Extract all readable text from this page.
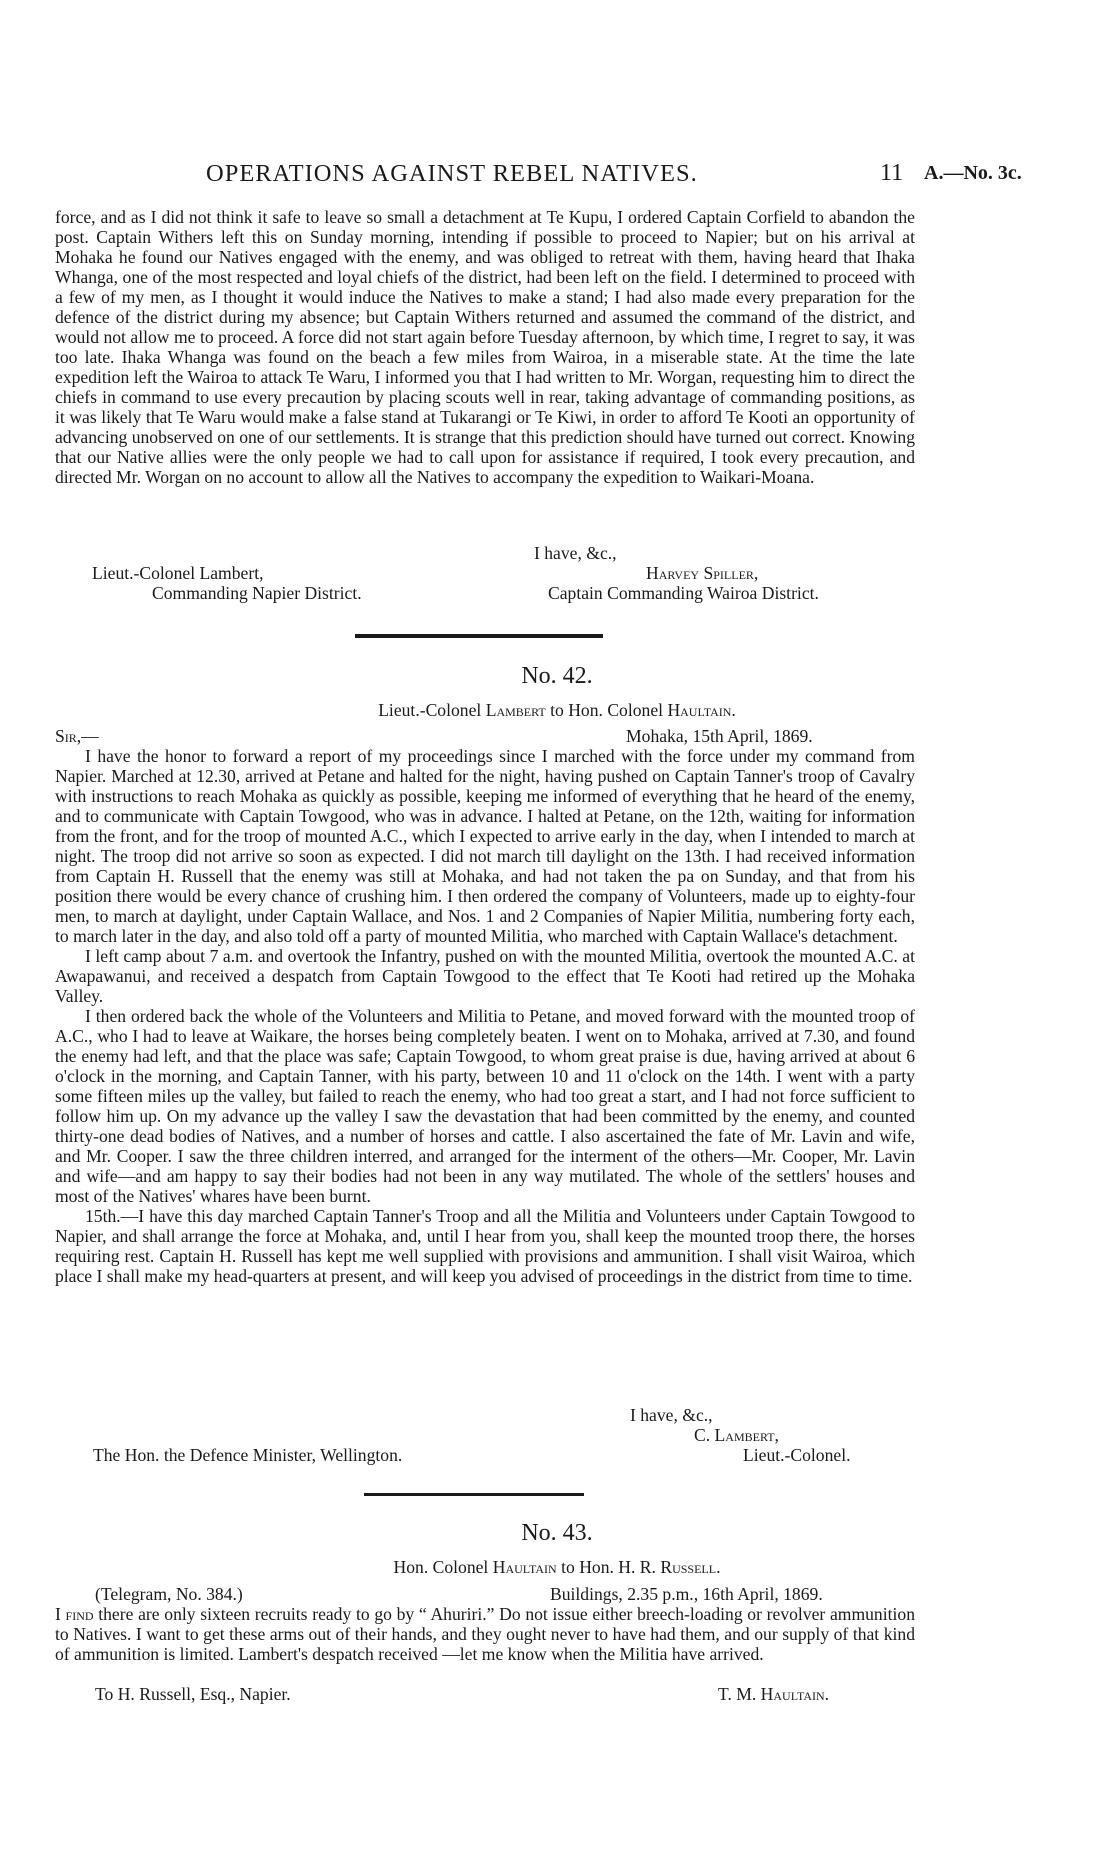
OPERATIONS AGAINST REBEL NATIVES.	11 A.—No. 3c.

force, and as I did not think it safe to leave so small a detachment at Te Kupu, I ordered Captain Corfield to abandon the post. Captain Withers left this on Sunday morning, intending if possible to proceed to Napier; but on his arrival at Mohaka he found our Natives engaged with the enemy, and was obliged to retreat with them, having heard that Ihaka Whanga, one of the most respected and loyal chiefs of the district, had been left on the field. I determined to proceed with a few of my men, as I thought it would induce the Natives to make a stand; I had also made every preparation for the defence of the district during my absence; but Captain Withers returned and assumed the command of the district, and would not allow me to proceed. A force did not start again before Tuesday afternoon, by which time, I regret to say, it was too late. Ihaka Whanga was found on the beach a few miles from Wairoa, in a miserable state. At the time the late expedition left the Wairoa to attack Te Waru, I informed you that I had written to Mr. Worgan, requesting him to direct the chiefs in command to use every precaution by placing scouts well in rear, taking advantage of commanding positions, as it was likely that Te Waru would make a false stand at Tukarangi or Te Kiwi, in order to afford Te Kooti an opportunity of advancing unobserved on one of our settlements. It is strange that this prediction should have turned out correct. Knowing that our Native allies were the only people we had to call upon for assistance if required, I took every precaution, and directed Mr. Worgan on no account to allow all the Natives to accompany the expedition to Waikari-Moana.

I have, &c.,
Lieut.-Colonel Lambert,	Harvey Spiller,
Commanding Napier District.	Captain Commanding Wairoa District.
No. 42.
Lieut.-Colonel Lambert to Hon. Colonel Haultain.
Sir,—	Mohaka, 15th April, 1869.

I have the honor to forward a report of my proceedings since I marched with the force under my command from Napier. Marched at 12.30, arrived at Petane and halted for the night, having pushed on Captain Tanner's troop of Cavalry with instructions to reach Mohaka as quickly as possible, keeping me informed of everything that he heard of the enemy, and to communicate with Captain Towgood, who was in advance. I halted at Petane, on the 12th, waiting for information from the front, and for the troop of mounted A.C., which I expected to arrive early in the day, when I intended to march at night. The troop did not arrive so soon as expected. I did not march till daylight on the 13th. I had received information from Captain H. Russell that the enemy was still at Mohaka, and had not taken the pa on Sunday, and that from his position there would be every chance of crushing him. I then ordered the company of Volunteers, made up to eighty-four men, to march at daylight, under Captain Wallace, and Nos. 1 and 2 Companies of Napier Militia, numbering forty each, to march later in the day, and also told off a party of mounted Militia, who marched with Captain Wallace's detachment.

I left camp about 7 a.m. and overtook the Infantry, pushed on with the mounted Militia, overtook the mounted A.C. at Awapawanui, and received a despatch from Captain Towgood to the effect that Te Kooti had retired up the Mohaka Valley.

I then ordered back the whole of the Volunteers and Militia to Petane, and moved forward with the mounted troop of A.C., who I had to leave at Waikare, the horses being completely beaten. I went on to Mohaka, arrived at 7.30, and found the enemy had left, and that the place was safe; Captain Towgood, to whom great praise is due, having arrived at about 6 o'clock in the morning, and Captain Tanner, with his party, between 10 and 11 o'clock on the 14th. I went with a party some fifteen miles up the valley, but failed to reach the enemy, who had too great a start, and I had not force sufficient to follow him up. On my advance up the valley I saw the devastation that had been committed by the enemy, and counted thirty-one dead bodies of Natives, and a number of horses and cattle. I also ascertained the fate of Mr. Lavin and wife, and Mr. Cooper. I saw the three children interred, and arranged for the interment of the others—Mr. Cooper, Mr. Lavin and wife—and am happy to say their bodies had not been in any way mutilated. The whole of the settlers' houses and most of the Natives' whares have been burnt.

15th.—I have this day marched Captain Tanner's Troop and all the Militia and Volunteers under Captain Towgood to Napier, and shall arrange the force at Mohaka, and, until I hear from you, shall keep the mounted troop there, the horses requiring rest. Captain H. Russell has kept me well supplied with provisions and ammunition. I shall visit Wairoa, which place I shall make my head-quarters at present, and will keep you advised of proceedings in the district from time to time.

I have, &c.,
C. Lambert,
The Hon. the Defence Minister, Wellington.	Lieut.-Colonel.
No. 43.
Hon. Colonel Haultain to Hon. H. R. Russell.
(Telegram, No. 384.)	Buildings, 2.35 p.m., 16th April, 1869.

I find there are only sixteen recruits ready to go by “ Ahuriri.” Do not issue either breech-loading or revolver ammunition to Natives. I want to get these arms out of their hands, and they ought never to have had them, and our supply of that kind of ammunition is limited. Lambert's despatch received —let me know when the Militia have arrived.

To H. Russell, Esq., Napier.	T. M. Haultain.
